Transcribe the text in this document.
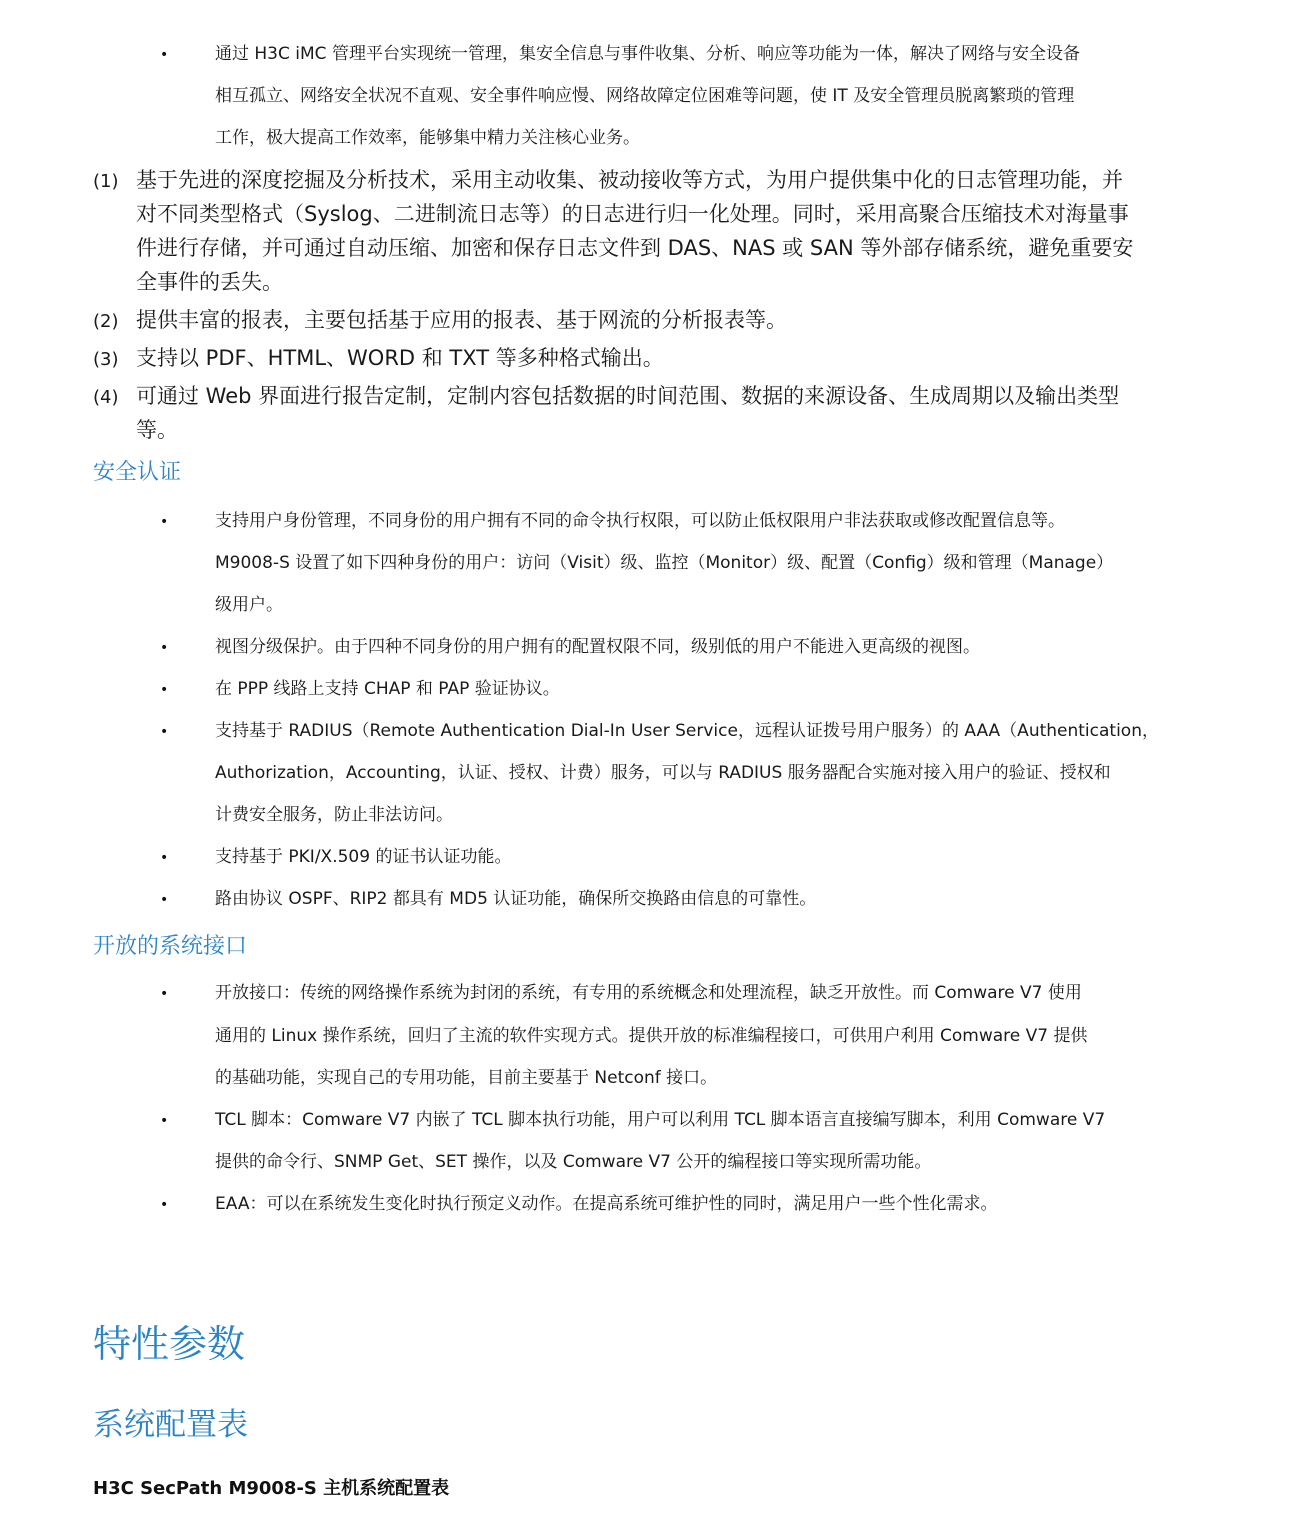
•	通过 H3C iMC 管理平台实现统一管理，集安全信息与事件收集、分析、响应等功能为一体，解决了网络与安全设备
相互孤立、网络安全状况不直观、安全事件响应慢、网络故障定位困难等问题，使 IT 及安全管理员脱离繁琐的管理
工作，极大提高工作效率，能够集中精力关注核心业务。
(1) 基于先进的深度挖掘及分析技术，采用主动收集、被动接收等方式，为用户提供集中化的日志管理功能，并
对不同类型格式（Syslog、二进制流日志等）的日志进行归一化处理。同时，采用高聚合压缩技术对海量事
件进行存储，并可通过自动压缩、加密和保存日志文件到 DAS、NAS 或 SAN 等外部存储系统，避免重要安
全事件的丢失。
(2) 提供丰富的报表，主要包括基于应用的报表、基于网流的分析报表等。
(3) 支持以 PDF、HTML、WORD 和 TXT 等多种格式输出。
(4) 可通过 Web 界面进行报告定制，定制内容包括数据的时间范围、数据的来源设备、生成周期以及输出类型
等。
安全认证
•	支持用户身份管理，不同身份的用户拥有不同的命令执行权限，可以防止低权限用户非法获取或修改配置信息等。
M9008-S 设置了如下四种身份的用户：访问（Visit）级、监控（Monitor）级、配置（Config）级和管理（Manage）
级用户。
•	视图分级保护。由于四种不同身份的用户拥有的配置权限不同，级别低的用户不能进入更高级的视图。
•	在 PPP 线路上支持 CHAP 和 PAP 验证协议。
•	支持基于 RADIUS（Remote Authentication Dial-In User Service，远程认证拨号用户服务）的 AAA（Authentication，
Authorization，Accounting，认证、授权、计费）服务，可以与 RADIUS 服务器配合实施对接入用户的验证、授权和
计费安全服务，防止非法访问。
•	支持基于 PKI/X.509 的证书认证功能。
•	路由协议 OSPF、RIP2 都具有 MD5 认证功能，确保所交换路由信息的可靠性。
开放的系统接口
•	开放接口：传统的网络操作系统为封闭的系统，有专用的系统概念和处理流程，缺乏开放性。而 Comware V7 使用
通用的 Linux 操作系统，回归了主流的软件实现方式。提供开放的标准编程接口，可供用户利用 Comware V7 提供
的基础功能，实现自己的专用功能，目前主要基于 Netconf 接口。
•	TCL 脚本：Comware V7 内嵌了 TCL 脚本执行功能，用户可以利用 TCL 脚本语言直接编写脚本，利用 Comware V7
提供的命令行、SNMP Get、SET 操作，以及 Comware V7 公开的编程接口等实现所需功能。
•	EAA：可以在系统发生变化时执行预定义动作。在提高系统可维护性的同时，满足用户一些个性化需求。
特性参数
系统配置表
H3C SecPath M9008-S 主机系统配置表
